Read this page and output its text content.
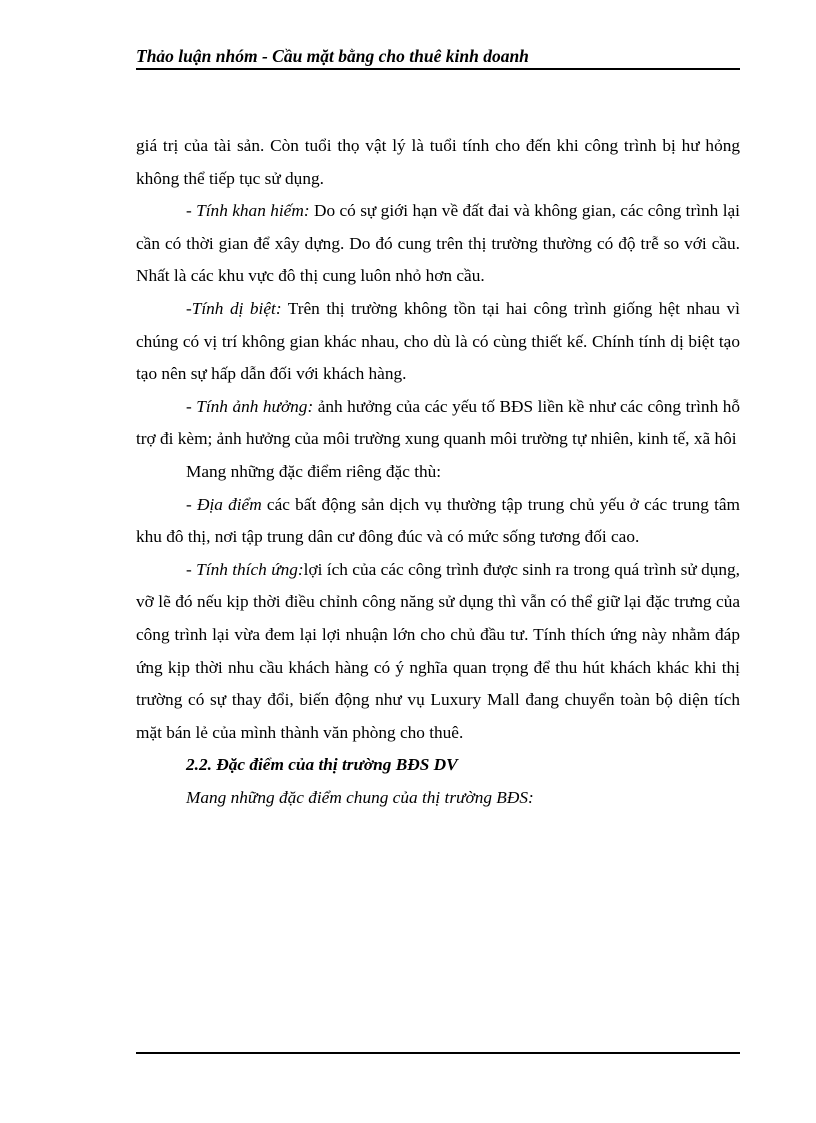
Thảo luận nhóm - Cầu mặt bằng cho thuê kinh doanh

giá trị của tài sản. Còn tuổi thọ vật lý là tuổi tính cho đến khi công trình bị hư hỏng không thể tiếp tục sử dụng.

- Tính khan hiếm: Do có sự giới hạn về đất đai và không gian, các công trình lại cần có thời gian để xây dựng. Do đó cung trên thị trường thường có độ trễ so với cầu. Nhất là các khu vực đô thị cung luôn nhỏ hơn cầu.

-Tính dị biệt: Trên thị trường không tồn tại hai công trình giống hệt nhau vì chúng có vị trí không gian khác nhau, cho dù là có cùng thiết kế. Chính tính dị biệt tạo tạo nên sự hấp dẫn đối với khách hàng.

- Tính ảnh hưởng: ảnh hưởng của các yếu tố BĐS liền kề như các công trình hỗ trợ đi kèm; ảnh hưởng của môi trường xung quanh môi trường tự nhiên, kinh tế, xã hôi

Mang những đặc điểm riêng đặc thù:

- Địa điểm các bất động sản dịch vụ thường tập trung chủ yếu ở các trung tâm khu đô thị, nơi tập trung dân cư đông đúc và có mức sống tương đối cao.

- Tính thích ứng:lợi ích của các công trình được sinh ra trong quá trình sử dụng, vỡ lẽ đó nếu kịp thời điều chỉnh công năng sử dụng thì vẫn có thể giữ lại đặc trưng của công trình lại vừa đem lại lợi nhuận lớn cho chủ đầu tư. Tính thích ứng này nhằm đáp ứng kịp thời nhu cầu khách hàng có ý nghĩa quan trọng để thu hút khách khác khi thị trường có sự thay đổi, biến động như vụ Luxury Mall đang chuyển toàn bộ diện tích mặt bán lẻ của mình thành văn phòng cho thuê.

2.2. Đặc điểm của thị trường BĐS DV

Mang những đặc điểm chung của thị trường BĐS:
